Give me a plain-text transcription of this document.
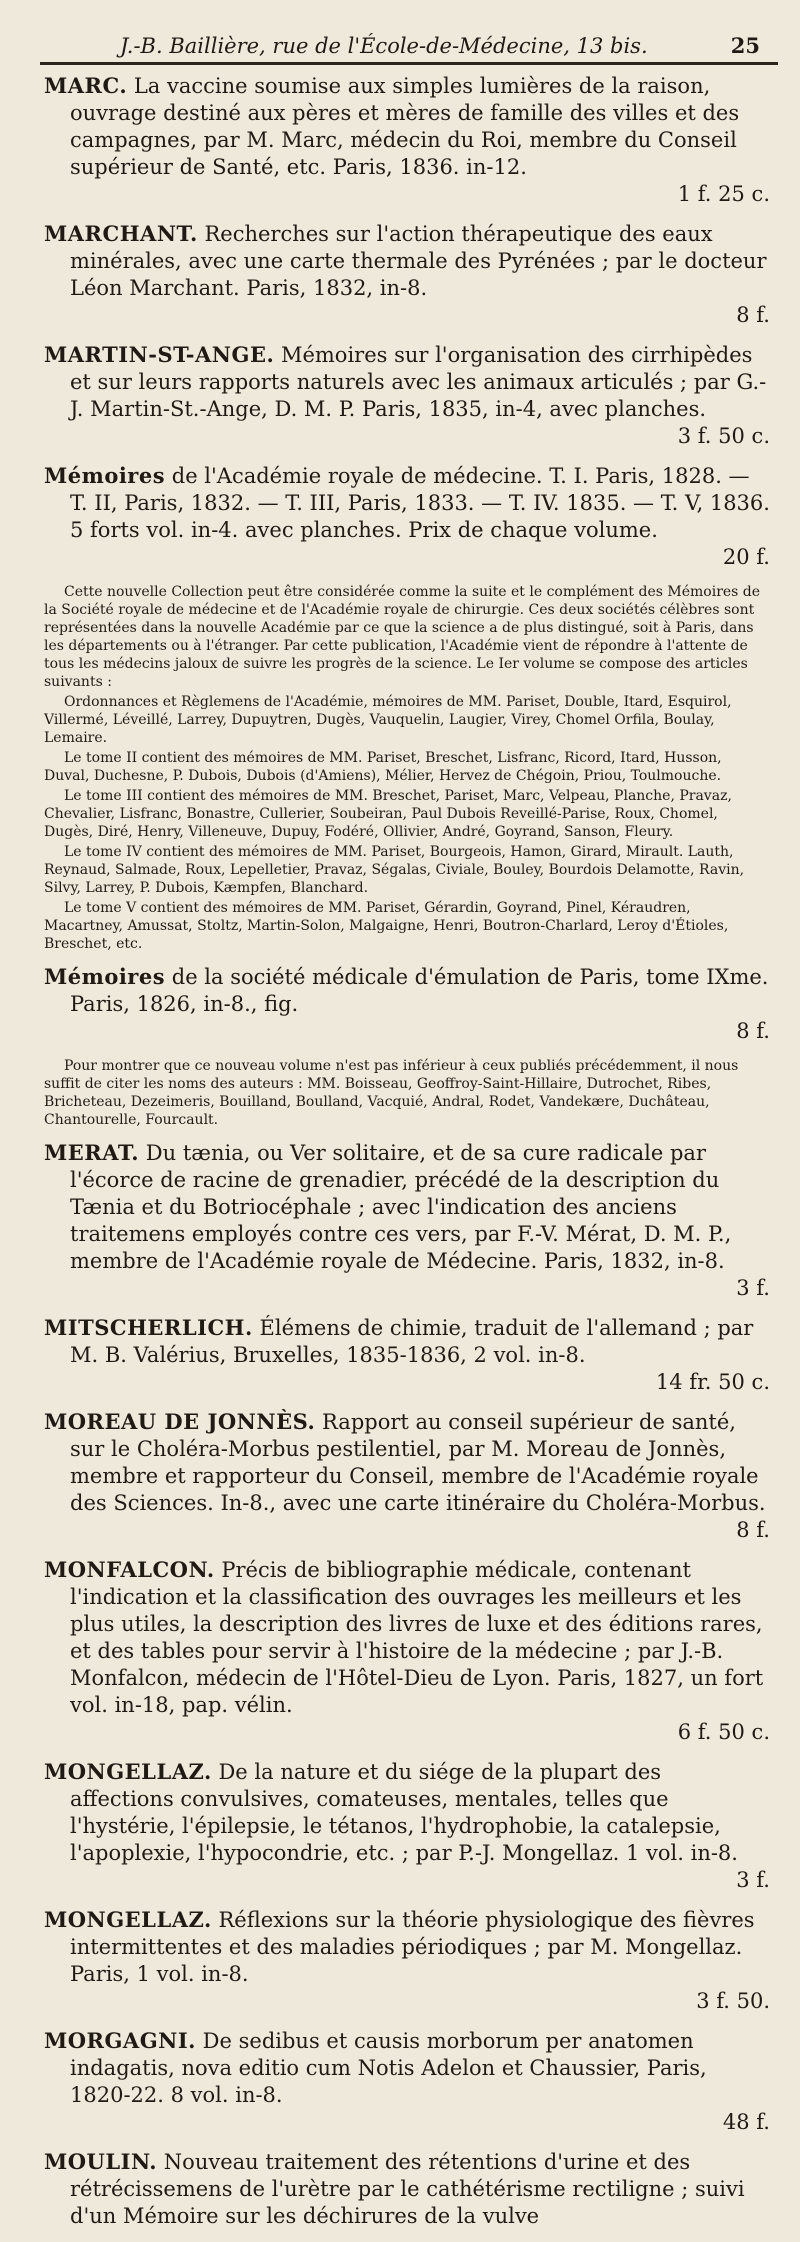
J.-B. Baillière, rue de l'École-de-Médecine, 13 bis.	25
MARC. La vaccine soumise aux simples lumières de la raison, ouvrage destiné aux pères et mères de famille des villes et des campagnes, par M. Marc, médecin du Roi, membre du Conseil supérieur de Santé, etc. Paris, 1836. in-12.
1 f. 25 c.
MARCHANT. Recherches sur l'action thérapeutique des eaux minérales, avec une carte thermale des Pyrénées ; par le docteur Léon Marchant. Paris, 1832, in-8.
8 f.
MARTIN-ST-ANGE. Mémoires sur l'organisation des cirrhipèdes et sur leurs rapports naturels avec les animaux articulés ; par G.-J. Martin-St.-Ange, D. M. P. Paris, 1835, in-4, avec planches.
3 f. 50 c.
Mémoires de l'Académie royale de médecine. T. I. Paris, 1828. — T. II, Paris, 1832. — T. III, Paris, 1833. — T. IV. 1835. — T. V, 1836. 5 forts vol. in-4. avec planches. Prix de chaque volume.
20 f.

Cette nouvelle Collection peut être considérée comme la suite et le complément des Mémoires de la Société royale de médecine et de l'Académie royale de chirurgie. Ces deux sociétés célèbres sont représentées dans la nouvelle Académie par ce que la science a de plus distingué, soit à Paris, dans les départements ou à l'étranger. Par cette publication, l'Académie vient de répondre à l'attente de tous les médecins jaloux de suivre les progrès de la science. Le Ier volume se compose des articles suivants :

Ordonnances et Règlemens de l'Académie, mémoires de MM. Pariset, Double, Itard, Esquirol, Villermé, Léveillé, Larrey, Dupuytren, Dugès, Vauquelin, Laugier, Virey, Chomel Orfila, Boulay, Lemaire.

Le tome II contient des mémoires de MM. Pariset, Breschet, Lisfranc, Ricord, Itard, Husson, Duval, Duchesne, P. Dubois, Dubois (d'Amiens), Mélier, Hervez de Chégoin, Priou, Toulmouche.

Le tome III contient des mémoires de MM. Breschet, Pariset, Marc, Velpeau, Planche, Pravaz, Chevalier, Lisfranc, Bonastre, Cullerier, Soubeiran, Paul Dubois Reveillé-Parise, Roux, Chomel, Dugès, Diré, Henry, Villeneuve, Dupuy, Fodéré, Ollivier, André, Goyrand, Sanson, Fleury.

Le tome IV contient des mémoires de MM. Pariset, Bourgeois, Hamon, Girard, Mirault. Lauth, Reynaud, Salmade, Roux, Lepelletier, Pravaz, Ségalas, Civiale, Bouley, Bourdois Delamotte, Ravin, Silvy, Larrey, P. Dubois, Kæmpfen, Blanchard.

Le tome V contient des mémoires de MM. Pariset, Gérardin, Goyrand, Pinel, Kéraudren, Macartney, Amussat, Stoltz, Martin-Solon, Malgaigne, Henri, Boutron-Charlard, Leroy d'Étioles, Breschet, etc.

Mémoires de la société médicale d'émulation de Paris, tome IXme. Paris, 1826, in-8., fig.
8 f.

Pour montrer que ce nouveau volume n'est pas inférieur à ceux publiés précédemment, il nous suffit de citer les noms des auteurs : MM. Boisseau, Geoffroy-Saint-Hillaire, Dutrochet, Ribes, Bricheteau, Dezeimeris, Bouilland, Boulland, Vacquié, Andral, Rodet, Vandekære, Duchâteau, Chantourelle, Fourcault.

MERAT. Du tænia, ou Ver solitaire, et de sa cure radicale par l'écorce de racine de grenadier, précédé de la description du Tænia et du Botriocéphale ; avec l'indication des anciens traitemens employés contre ces vers, par F.-V. Mérat, D. M. P., membre de l'Académie royale de Médecine. Paris, 1832, in-8.
3 f.
MITSCHERLICH. Élémens de chimie, traduit de l'allemand ; par M. B. Valérius, Bruxelles, 1835-1836, 2 vol. in-8.
14 fr. 50 c.
MOREAU DE JONNÈS. Rapport au conseil supérieur de santé, sur le Choléra-Morbus pestilentiel, par M. Moreau de Jonnès, membre et rapporteur du Conseil, membre de l'Académie royale des Sciences. In-8., avec une carte itinéraire du Choléra-Morbus.
8 f.
MONFALCON. Précis de bibliographie médicale, contenant l'indication et la classification des ouvrages les meilleurs et les plus utiles, la description des livres de luxe et des éditions rares, et des tables pour servir à l'histoire de la médecine ; par J.-B. Monfalcon, médecin de l'Hôtel-Dieu de Lyon. Paris, 1827, un fort vol. in-18, pap. vélin.
6 f. 50 c.
MONGELLAZ. De la nature et du siége de la plupart des affections convulsives, comateuses, mentales, telles que l'hystérie, l'épilepsie, le tétanos, l'hydrophobie, la catalepsie, l'apoplexie, l'hypocondrie, etc. ; par P.-J. Mongellaz. 1 vol. in-8.
3 f.
MONGELLAZ. Réflexions sur la théorie physiologique des fièvres intermittentes et des maladies périodiques ; par M. Mongellaz. Paris, 1 vol. in-8.
3 f. 50.
MORGAGNI. De sedibus et causis morborum per anatomen indagatis, nova editio cum Notis Adelon et Chaussier, Paris, 1820-22. 8 vol. in-8.
48 f.
MOULIN. Nouveau traitement des rétentions d'urine et des rétrécissemens de l'urètre par le cathétérisme rectiligne ; suivi d'un Mémoire sur les déchirures de la vulve
